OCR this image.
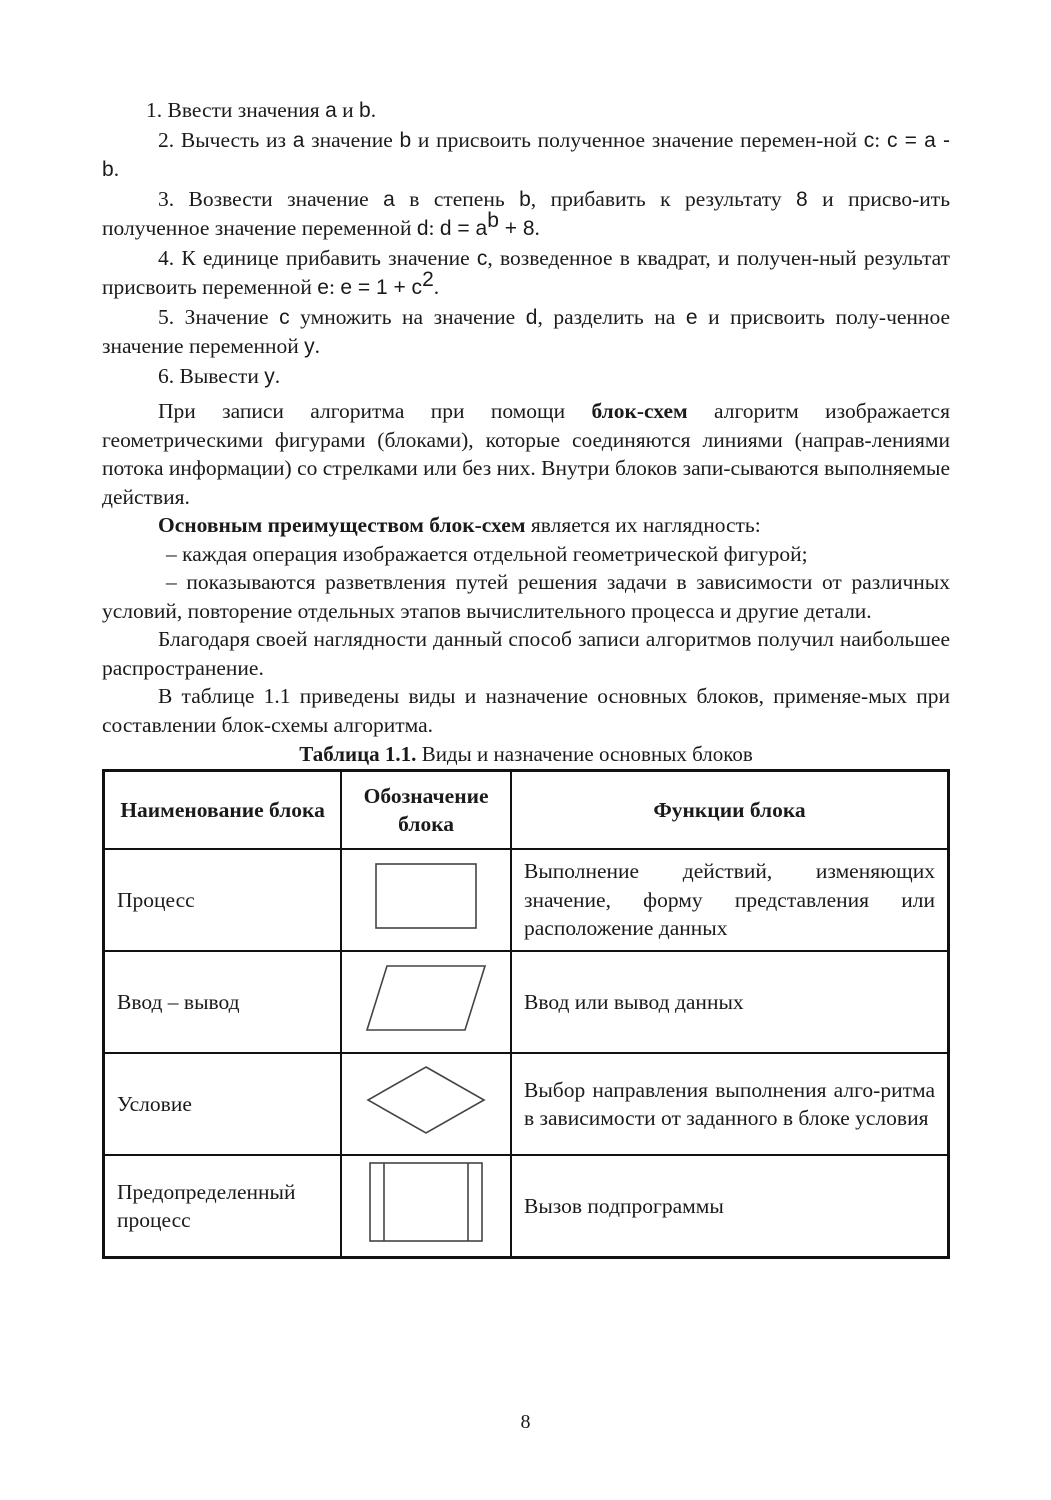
1. Ввести значения a и b.

2. Вычесть из a значение b и присвоить полученное значение перемен-ной c: c = a - b.

3. Возвести значение a в степень b, прибавить к результату 8 и присво-ить полученное значение переменной d: $d = a^b + 8$.

4. К единице прибавить значение c, возведенное в квадрат, и получен-ный результат присвоить переменной e: $e = 1 + c^2$.

5. Значение c умножить на значение d, разделить на e и присвоить полу-ченное значение переменной y.

6. Вывести y.

При записи алгоритма при помощи блок-схем алгоритм изображается геометрическими фигурами (блоками), которые соединяются линиями (направ-лениями потока информации) со стрелками или без них. Внутри блоков запи-сываются выполняемые действия.

Основным преимуществом блок-схем является их наглядность:

– каждая операция изображается отдельной геометрической фигурой;

– показываются разветвления путей решения задачи в зависимости от различных условий, повторение отдельных этапов вычислительного процесса и другие детали.

Благодаря своей наглядности данный способ записи алгоритмов получил наибольшее распространение.

В таблице 1.1 приведены виды и назначение основных блоков, применяе-мых при составлении блок-схемы алгоритма.

Таблица 1.1. Виды и назначение основных блоков

Наименование блока	Обозначение блока	Функции блока
Процесс		Выполнение действий, изменяющих значение, форму представления или расположение данных
Ввод – вывод		Ввод или вывод данных
Условие		Выбор направления выполнения алго-ритма в зависимости от заданного в блоке условия
Предопределенный процесс		Вызов подпрограммы
8
